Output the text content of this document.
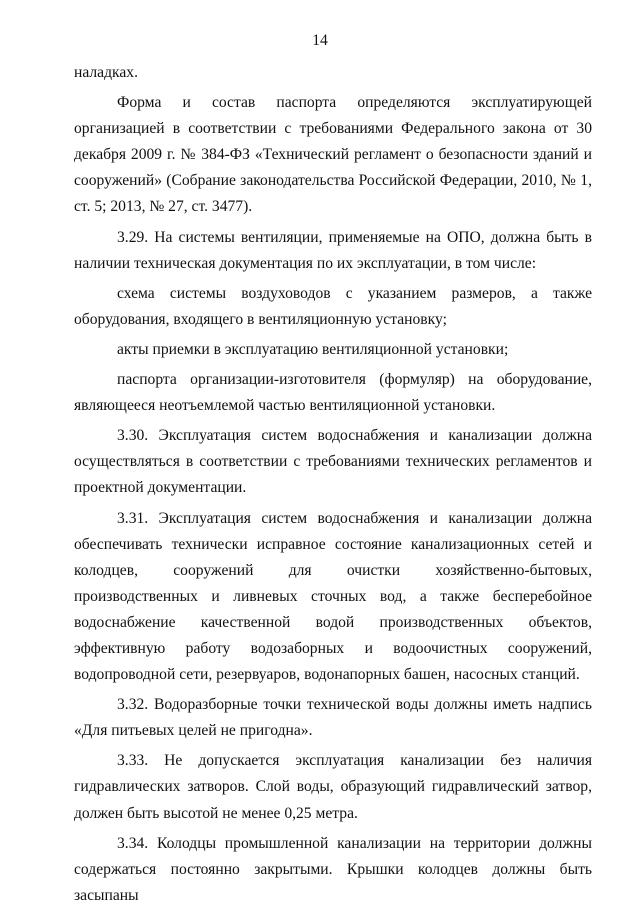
14

наладках.

Форма и состав паспорта определяются эксплуатирующей организацией в соответствии с требованиями Федерального закона от 30 декабря 2009 г. № 384-ФЗ «Технический регламент о безопасности зданий и сооружений» (Собрание законодательства Российской Федерации, 2010, № 1, ст. 5; 2013, № 27, ст. 3477).

3.29. На системы вентиляции, применяемые на ОПО, должна быть в наличии техническая документация по их эксплуатации, в том числе:

схема системы воздуховодов с указанием размеров, а также оборудования, входящего в вентиляционную установку;

акты приемки в эксплуатацию вентиляционной установки;

паспорта организации-изготовителя (формуляр) на оборудование, являющееся неотъемлемой частью вентиляционной установки.

3.30. Эксплуатация систем водоснабжения и канализации должна осуществляться в соответствии с требованиями технических регламентов и проектной документации.

3.31. Эксплуатация систем водоснабжения и канализации должна обеспечивать технически исправное состояние канализационных сетей и колодцев, сооружений для очистки хозяйственно-бытовых, производственных и ливневых сточных вод, а также бесперебойное водоснабжение качественной водой производственных объектов, эффективную работу водозаборных и водоочистных сооружений, водопроводной сети, резервуаров, водонапорных башен, насосных станций.

3.32. Водоразборные точки технической воды должны иметь надпись «Для питьевых целей не пригодна».

3.33. Не допускается эксплуатация канализации без наличия гидравлических затворов. Слой воды, образующий гидравлический затвор, должен быть высотой не менее 0,25 метра.

3.34. Колодцы промышленной канализации на территории должны содержаться постоянно закрытыми. Крышки колодцев должны быть засыпаны
